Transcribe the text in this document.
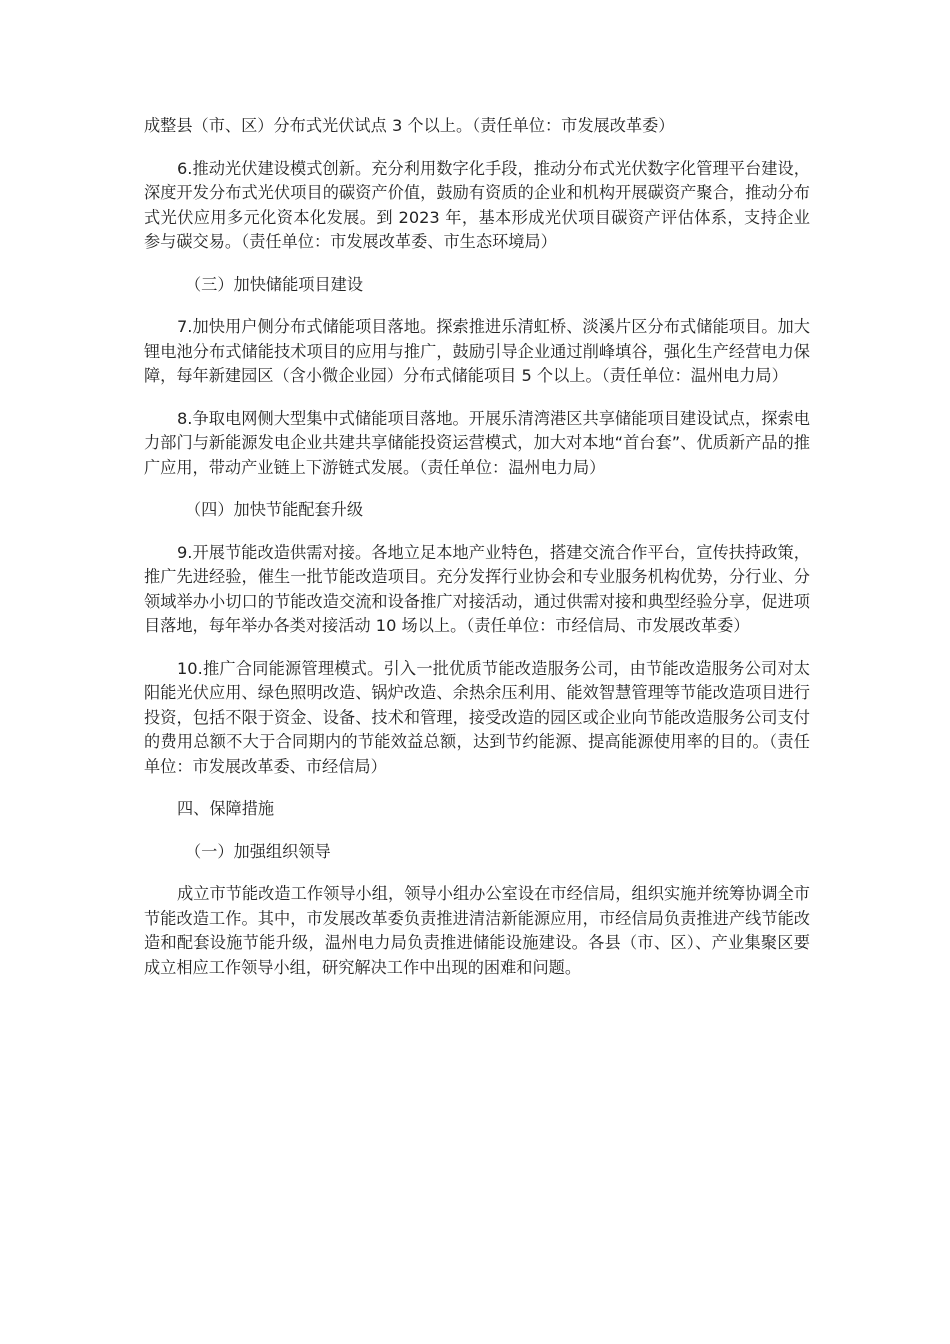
成整县（市、区）分布式光伏试点 3 个以上。（责任单位：市发展改革委）

6.推动光伏建设模式创新。充分利用数字化手段，推动分布式光伏数字化管理平台建设，深度开发分布式光伏项目的碳资产价值，鼓励有资质的企业和机构开展碳资产聚合，推动分布式光伏应用多元化资本化发展。到 2023 年，基本形成光伏项目碳资产评估体系，支持企业参与碳交易。（责任单位：市发展改革委、市生态环境局）

（三）加快储能项目建设

7.加快用户侧分布式储能项目落地。探索推进乐清虹桥、淡溪片区分布式储能项目。加大锂电池分布式储能技术项目的应用与推广，鼓励引导企业通过削峰填谷，强化生产经营电力保障，每年新建园区（含小微企业园）分布式储能项目 5 个以上。（责任单位：温州电力局）

8.争取电网侧大型集中式储能项目落地。开展乐清湾港区共享储能项目建设试点，探索电力部门与新能源发电企业共建共享储能投资运营模式，加大对本地“首台套”、优质新产品的推广应用，带动产业链上下游链式发展。（责任单位：温州电力局）

（四）加快节能配套升级

9.开展节能改造供需对接。各地立足本地产业特色，搭建交流合作平台，宣传扶持政策，推广先进经验，催生一批节能改造项目。充分发挥行业协会和专业服务机构优势，分行业、分领域举办小切口的节能改造交流和设备推广对接活动，通过供需对接和典型经验分享，促进项目落地，每年举办各类对接活动 10 场以上。（责任单位：市经信局、市发展改革委）

10.推广合同能源管理模式。引入一批优质节能改造服务公司，由节能改造服务公司对太阳能光伏应用、绿色照明改造、锅炉改造、余热余压利用、能效智慧管理等节能改造项目进行投资，包括不限于资金、设备、技术和管理，接受改造的园区或企业向节能改造服务公司支付的费用总额不大于合同期内的节能效益总额，达到节约能源、提高能源使用率的目的。（责任单位：市发展改革委、市经信局）

四、保障措施

（一）加强组织领导

成立市节能改造工作领导小组，领导小组办公室设在市经信局，组织实施并统筹协调全市节能改造工作。其中，市发展改革委负责推进清洁新能源应用，市经信局负责推进产线节能改造和配套设施节能升级，温州电力局负责推进储能设施建设。各县（市、区）、产业集聚区要成立相应工作领导小组，研究解决工作中出现的困难和问题。
